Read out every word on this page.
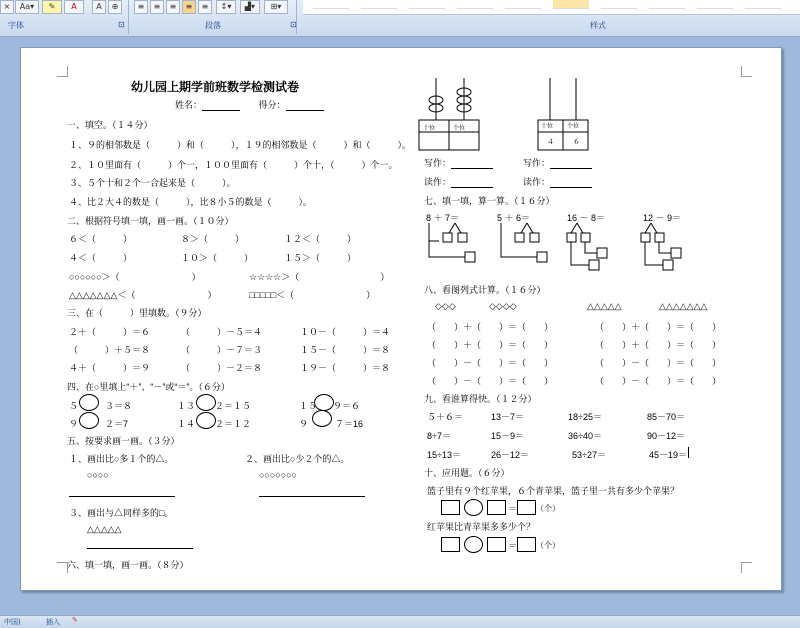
×	Aa▾	✎	A	A	⊕	≡	≡	≡	≡	≡	↕▾	▟▾	⊞▾
字体	⊡	段落	⊡	样式
幼儿园上期学前班数学检测试卷
姓名：	得分：
一、填空。（１４分）
１、９的相邻数是（　　　）和（　　　），１９的相邻数是（　　　）和（　　　）。
２、１０里面有（　　　）个一，１００里面有（　　　）个十，（　　　）个一。
３、５个十和２个一合起来是（　　　）。
４、比２大４的数是（　　　），比８小５的数是（　　　）。
二、根据符号填一填，画一画。（１０分）
６＜（　　　）	８＞（　　　）	１２＜（　　　）
４＜（　　　）	１０＞（　　　）	１５＞（　　　）
○○○○○○＞（　　　　　　　　）	☆☆☆☆＞（　　　　　　　　　）
△△△△△△△＜（　　　　　　　　）	□□□□□＜（　　　　　　　　）
三、在（　　　）里填数。（９分）
２＋（　　　）＝６	（　　　）－５＝４	１０－（　　　）＝４
（　　　）＋５＝８	（　　　）－７＝３	１５－（　　　）＝８
４＋（　　　）＝９	（　　　）－２＝８	１９－（　　　）＝８
四、在○里填上“＋”、“－”或“＝”。（６分）
５	３＝８	１３ ２＝１５	１５ ９＝６
９	２＝7	１４ ２＝１２	９	７＝16
五、按要求画一画。（３分）
１、画出比○多１个的△。	２、画出比○少２个的△。
○○○○	○○○○○○○
３、画出与△同样多的□。
△△△△△
六、填一填，画一画。（８分）
十位	个位	十位 个位
４	６
写作：	写作：
读作：	读作：
七、填一填，算一算。（１６分）
8 ＋ 7＝	5 ＋ 6＝	16 － 8＝	12 － 9＝
八、看图列式计算。（１６分）
◇◇◇	◇◇◇◇	△△△△△	△△△△△△△
（　　）＋（　　）＝（　　）
（　　）＋（　　）＝（　　）
（　　）－（　　）＝（　　）
（　　）－（　　）＝（　　）
（　　）＋（　　）＝（　　）
（　　）＋（　　）＝（　　）
（　　）－（　　）＝（　　）
（　　）－（　　）＝（　　）
九、看谁算得快。（１２分）
５＋６＝	13－7＝	18÷25＝	85－70＝
8÷7＝	15－9＝	36÷40＝	90－12＝
15÷13＝	26－12＝	53÷27＝	45－19＝
十、应用题。（６分）
篮子里有９个红苹果，６个青苹果，篮子里一共有多少个苹果？
＝ （个）
红苹果比青苹果多多少个？
＝ （个）
中国)	插入 ✎
